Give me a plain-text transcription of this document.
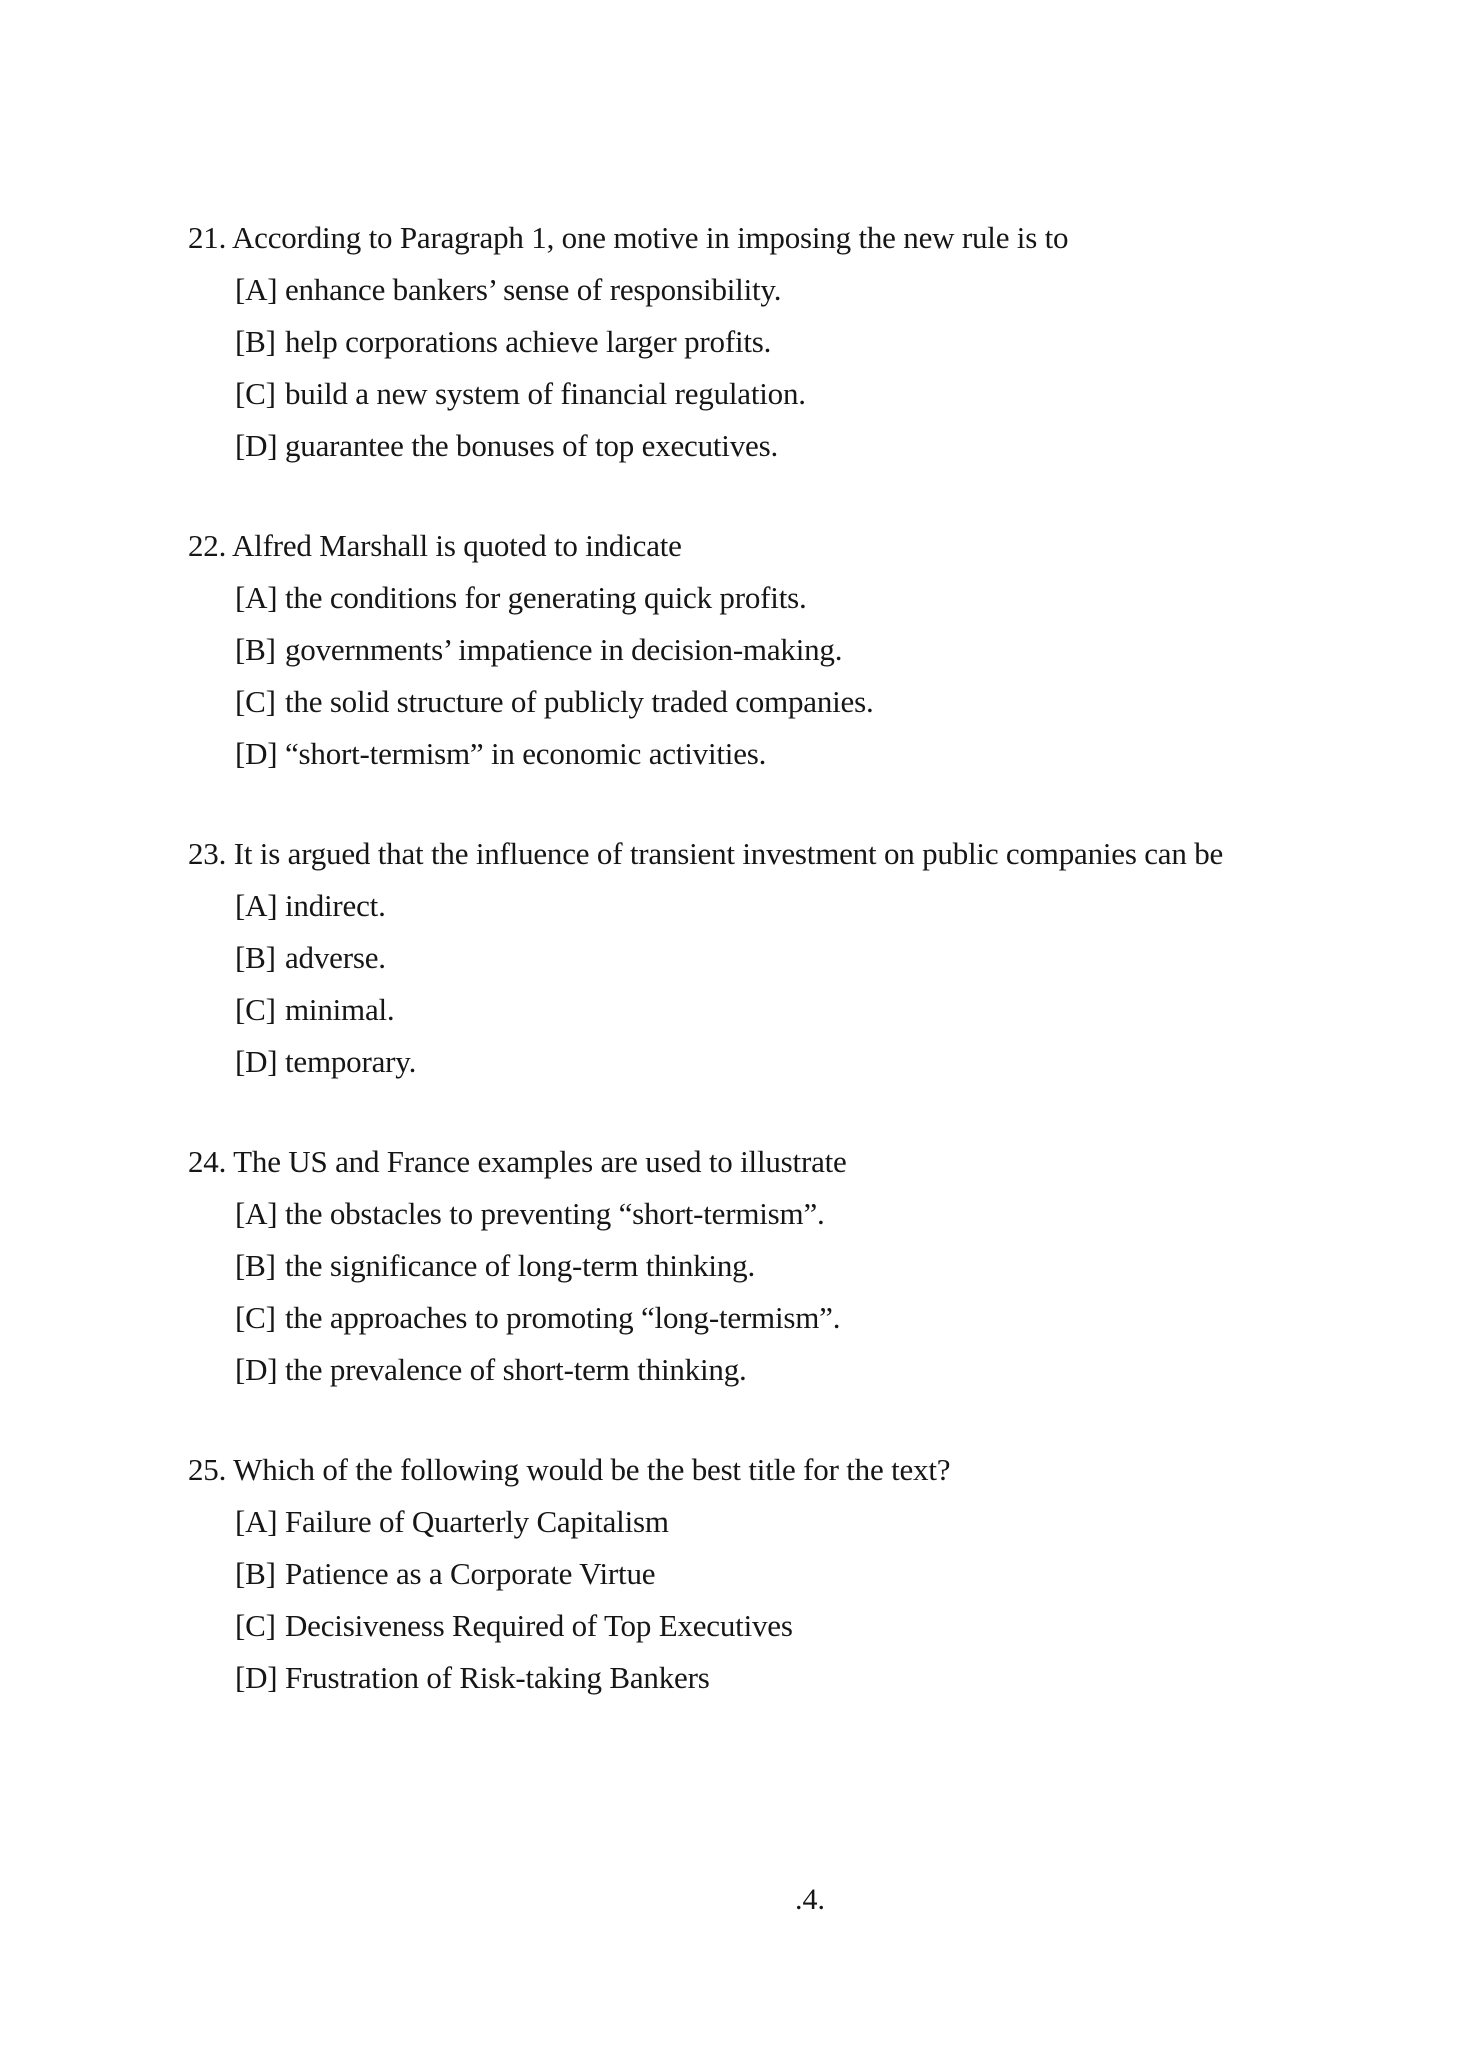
21. According to Paragraph 1, one motive in imposing the new rule is to
[A] enhance bankers’ sense of responsibility.
[B] help corporations achieve larger profits.
[C] build a new system of financial regulation.
[D] guarantee the bonuses of top executives.
22. Alfred Marshall is quoted to indicate
[A] the conditions for generating quick profits.
[B] governments’ impatience in decision-making.
[C] the solid structure of publicly traded companies.
[D] “short-termism” in economic activities.
23. It is argued that the influence of transient investment on public companies can be
[A] indirect.
[B] adverse.
[C] minimal.
[D] temporary.
24. The US and France examples are used to illustrate
[A] the obstacles to preventing “short-termism”.
[B] the significance of long-term thinking.
[C] the approaches to promoting “long-termism”.
[D] the prevalence of short-term thinking.
25. Which of the following would be the best title for the text?
[A] Failure of Quarterly Capitalism
[B] Patience as a Corporate Virtue
[C] Decisiveness Required of Top Executives
[D] Frustration of Risk-taking Bankers
.4.
